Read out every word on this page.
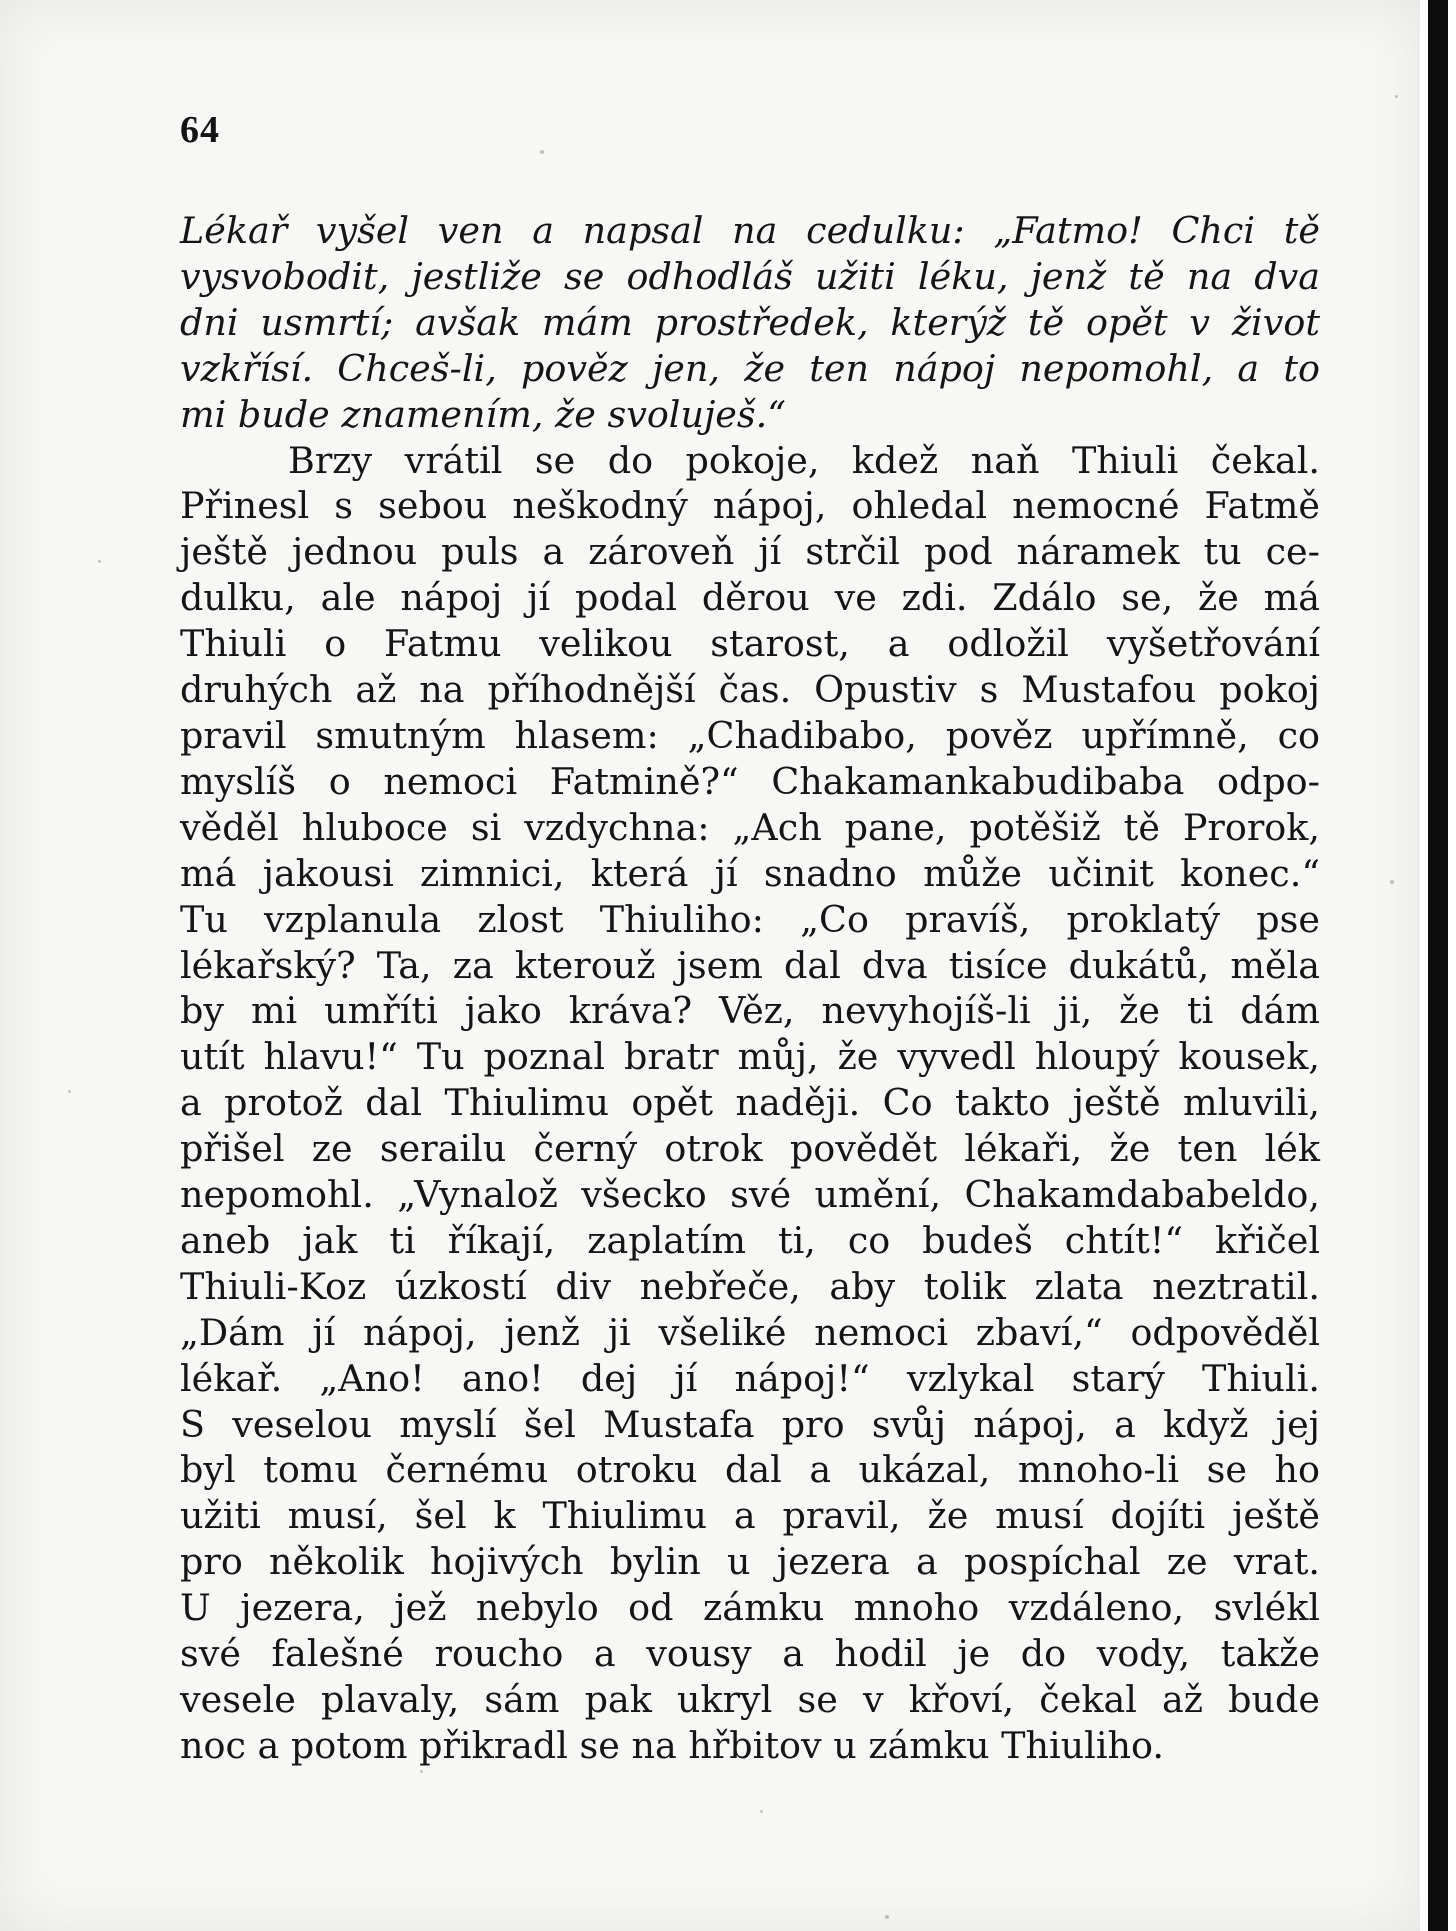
64
Lékař vyšel ven a napsal na cedulku: „Fatmo! Chci tě
vysvobodit, jestliže se odhodláš užiti léku, jenž tě na dva
dni usmrtí; avšak mám prostředek, kterýž tě opět v život
vzkřísí. Chceš-li, pověz jen, že ten nápoj nepomohl, a to
mi bude znamením, že svoluješ.“
Brzy vrátil se do pokoje, kdež naň Thiuli čekal.
Přinesl s sebou neškodný nápoj, ohledal nemocné Fatmě
ještě jednou puls a zároveň jí strčil pod náramek tu ce-
dulku, ale nápoj jí podal děrou ve zdi. Zdálo se, že má
Thiuli o Fatmu velikou starost, a odložil vyšetřování
druhých až na příhodnější čas. Opustiv s Mustafou pokoj
pravil smutným hlasem: „Chadibabo, pověz upřímně, co
myslíš o nemoci Fatmině?“ Chakamankabudibaba odpo-
věděl hluboce si vzdychna: „Ach pane, potěšiž tě Prorok,
má jakousi zimnici, která jí snadno může učinit konec.“
Tu vzplanula zlost Thiuliho: „Co pravíš, proklatý pse
lékařský? Ta, za kterouž jsem dal dva tisíce dukátů, měla
by mi umříti jako kráva? Věz, nevyhojíš-li ji, že ti dám
utít hlavu!“ Tu poznal bratr můj, že vyvedl hloupý kousek,
a protož dal Thiulimu opět naději. Co takto ještě mluvili,
přišel ze serailu černý otrok povědět lékaři, že ten lék
nepomohl. „Vynalož všecko své umění, Chakamdababeldo,
aneb jak ti říkají, zaplatím ti, co budeš chtít!“ křičel
Thiuli-Koz úzkostí div nebřeče, aby tolik zlata neztratil.
„Dám jí nápoj, jenž ji všeliké nemoci zbaví,“ odpověděl
lékař. „Ano! ano! dej jí nápoj!“ vzlykal starý Thiuli.
S veselou myslí šel Mustafa pro svůj nápoj, a když jej
byl tomu černému otroku dal a ukázal, mnoho-li se ho
užiti musí, šel k Thiulimu a pravil, že musí dojíti ještě
pro několik hojivých bylin u jezera a pospíchal ze vrat.
U jezera, jež nebylo od zámku mnoho vzdáleno, svlékl
své falešné roucho a vousy a hodil je do vody, takže
vesele plavaly, sám pak ukryl se v křoví, čekal až bude
noc a potom přikradl se na hřbitov u zámku Thiuliho.
